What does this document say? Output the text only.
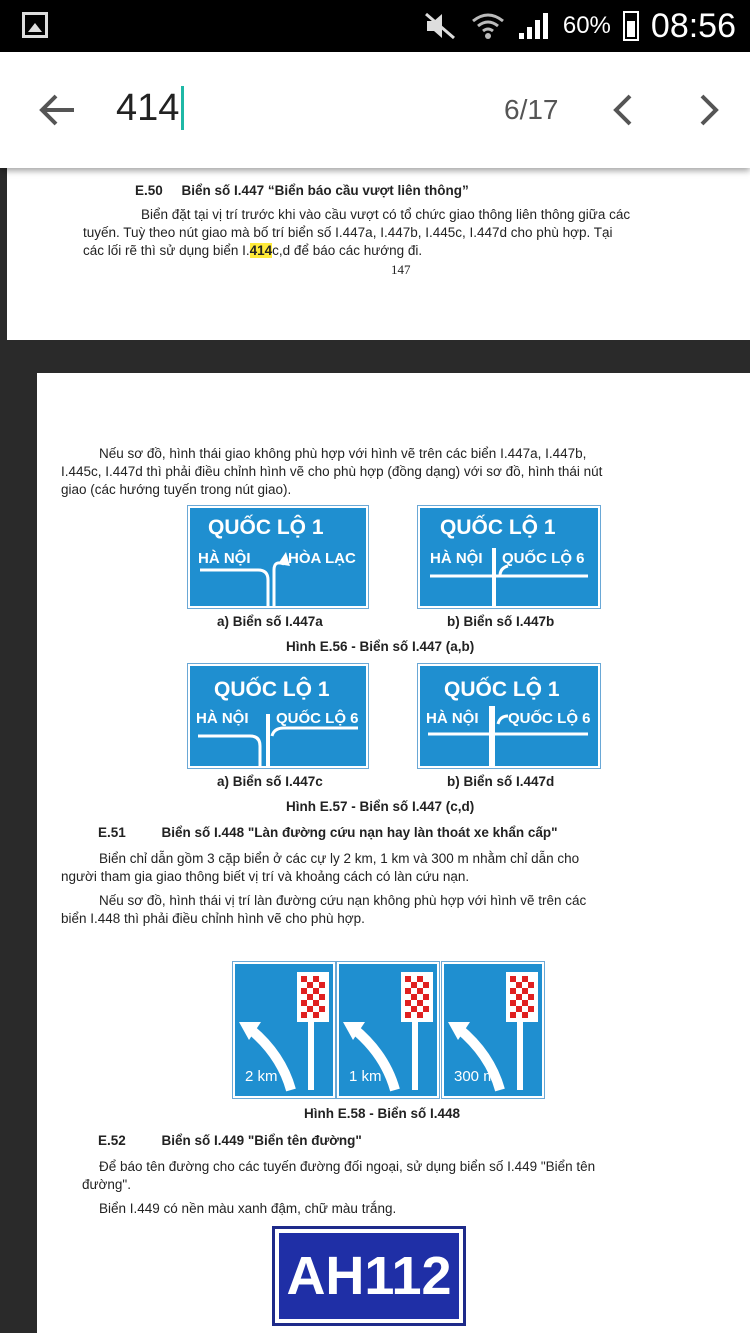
60% 08:56
414	6/17
E.50 Biển số I.447 “Biển báo cầu vượt liên thông”
Biển đặt tại vị trí trước khi vào cầu vượt có tổ chức giao thông liên thông giữa các
tuyến. Tuỳ theo nút giao mà bố trí biển số I.447a, I.447b, I.445c, I.447d cho phù hợp. Tại
các lối rẽ thì sử dụng biển I.414c,d để báo các hướng đi.
147
Nếu sơ đồ, hình thái giao không phù hợp với hình vẽ trên các biển I.447a, I.447b,
I.445c, I.447d thì phải điều chỉnh hình vẽ cho phù hợp (đồng dạng) với sơ đồ, hình thái nút
giao (các hướng tuyến trong nút giao).
QUỐC LỘ 1
HÀ NỘI	HÒA LẠC
QUỐC LỘ 1
HÀ NỘI QUỐC LỘ 6
a) Biển số I.447a	b) Biển số I.447b
Hình E.56 - Biển số I.447 (a,b)
QUỐC LỘ 1
HÀ NỘI QUỐC LỘ 6
QUỐC LỘ 1
HÀ NỘI QUỐC LỘ 6
a) Biển số I.447c	b) Biển số I.447d
Hình E.57 - Biển số I.447 (c,d)
E.51	Biển số I.448 "Làn đường cứu nạn hay làn thoát xe khẩn cấp"
Biển chỉ dẫn gồm 3 cặp biển ở các cự ly 2 km, 1 km và 300 m nhằm chỉ dẫn cho
người tham gia giao thông biết vị trí và khoảng cách có làn cứu nạn.
Nếu sơ đồ, hình thái vị trí làn đường cứu nạn không phù hợp với hình vẽ trên các
biển I.448 thì phải điều chỉnh hình vẽ cho phù hợp.
2 km	1 km	300 m
Hình E.58 - Biển số I.448
E.52	Biển số I.449 "Biển tên đường"
Để báo tên đường cho các tuyến đường đối ngoại, sử dụng biển số I.449 "Biển tên
đường".
Biển I.449 có nền màu xanh đậm, chữ màu trắng.
AH112
